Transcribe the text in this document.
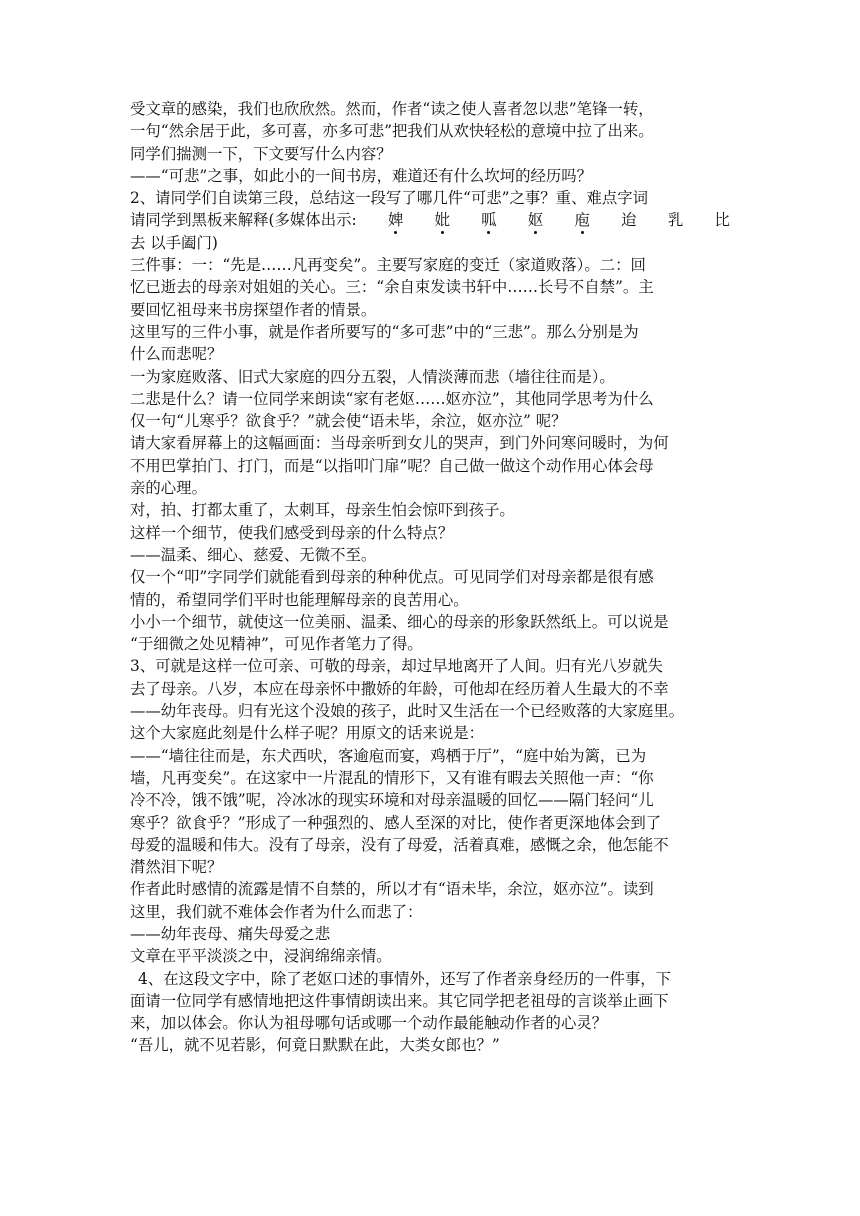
受文章的感染，我们也欣欣然。然而，作者“读之使人喜者忽以悲”笔锋一转，

一句“然余居于此，多可喜，亦多可悲”把我们从欢快轻松的意境中拉了出来。

同学们揣测一下，下文要写什么内容？

——“可悲”之事，如此小的一间书房，难道还有什么坎坷的经历吗？

2、请同学们自读第三段，总结这一段写了哪几件“可悲”之事？重、难点字词

请同学到黑板来解释(多媒体出示: 婢 妣 呱 妪 庖 迨 乳 比

去 以手阖门)

三件事：一：“先是……凡再变矣”。主要写家庭的变迁（家道败落）。二：回

忆已逝去的母亲对姐姐的关心。三：“余自束发读书轩中……长号不自禁”。主

要回忆祖母来书房探望作者的情景。

这里写的三件小事，就是作者所要写的“多可悲”中的“三悲”。那么分别是为

什么而悲呢？

一为家庭败落、旧式大家庭的四分五裂，人情淡薄而悲（墙往往而是）。

二悲是什么？请一位同学来朗读“家有老妪……妪亦泣”，其他同学思考为什么

仅一句“儿寒乎？欲食乎？”就会使“语未毕，余泣，妪亦泣” 呢？

请大家看屏幕上的这幅画面：当母亲听到女儿的哭声，到门外问寒问暖时，为何

不用巴掌拍门、打门，而是“以指叩门扉”呢？自己做一做这个动作用心体会母

亲的心理。

对，拍、打都太重了，太刺耳，母亲生怕会惊吓到孩子。

这样一个细节，使我们感受到母亲的什么特点？

——温柔、细心、慈爱、无微不至。

仅一个“叩”字同学们就能看到母亲的种种优点。可见同学们对母亲都是很有感

情的，希望同学们平时也能理解母亲的良苦用心。

小小一个细节，就使这一位美丽、温柔、细心的母亲的形象跃然纸上。可以说是

“于细微之处见精神”，可见作者笔力了得。

3、可就是这样一位可亲、可敬的母亲，却过早地离开了人间。归有光八岁就失

去了母亲。八岁，本应在母亲怀中撒娇的年龄，可他却在经历着人生最大的不幸

——幼年丧母。归有光这个没娘的孩子，此时又生活在一个已经败落的大家庭里。

这个大家庭此刻是什么样子呢？用原文的话来说是：

——“墙往往而是，东犬西吠，客逾庖而宴，鸡栖于厅”，“庭中始为篱，已为

墙，凡再变矣”。在这家中一片混乱的情形下，又有谁有暇去关照他一声：“你

冷不冷，饿不饿”呢，冷冰冰的现实环境和对母亲温暖的回忆——隔门轻问“儿

寒乎？欲食乎？”形成了一种强烈的、感人至深的对比，使作者更深地体会到了

母爱的温暖和伟大。没有了母亲，没有了母爱，活着真难，感慨之余，他怎能不

潸然泪下呢？

作者此时感情的流露是情不自禁的，所以才有“语未毕，余泣，妪亦泣”。读到

这里，我们就不难体会作者为什么而悲了：

——幼年丧母、痛失母爱之悲

文章在平平淡淡之中，浸润绵绵亲情。

4、在这段文字中，除了老妪口述的事情外，还写了作者亲身经历的一件事，下

面请一位同学有感情地把这件事情朗读出来。其它同学把老祖母的言谈举止画下

来，加以体会。你认为祖母哪句话或哪一个动作最能触动作者的心灵？

“吾儿，就不见若影，何竟日默默在此，大类女郎也？”
